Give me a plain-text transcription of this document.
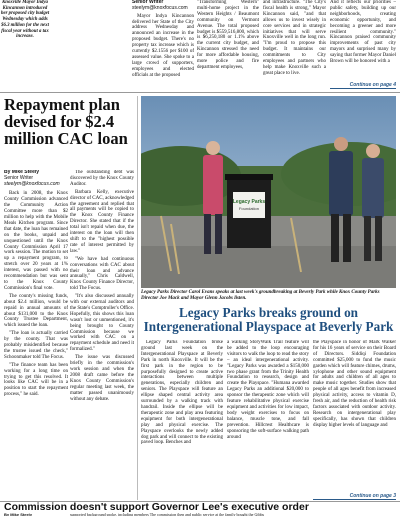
Knoxville Mayor Indya Kincannon introduced her proposed city budget Wednesday which adds $6.3 million for the next fiscal year without a tax increase.
Senior Writer
steelym@knoxfocus.com

Mayor Indya Kincannon delivered her State of the City address Wednesday and announced an increase in the proposed budget. There's no property tax increase which is currently $2.1556 per $100 of assessed value. She spoke to a large crowd of supporters, employees and elected officials at the proposed

"Transforming Western" multi-home project in the Western Heights / Beaumont community on Vermont Avenue. The total proposed budget is $559,516,800, which is $6,250,180 or 1.1% above the current city budget, and Kincannon stressed the need for more affordable housing, more police and fire department employees,

and infrastructure. "The City's fiscal health is strong," Mayor Kincannon said, "and that allows us to invest wisely in core services and in strategic initiatives that will serve Knoxville well in the long run. "I'm proud to propose this budget. It maintains our commitments to City employees and partners who help make Knoxville such a great place to live.

And it reflects our priorities – public safety, building up our neighborhoods, creating economic opportunity, and becoming a greener and more resilient community." Kincannon praised community improvements of past city mayors and surprised many by saying that former Mayor Daniel Brown will be honored with a

Continue on page 4
Repayment plan devised for $2.4 million CAC loan
By Mike Steely
Senior Writer
steelym@knoxfocus.com

Back in 2008, the Knox County Commission advanced the Community Action Committee more than $2 million to help with the Mobile Meals Kitchen program. Since that date, the loan has remained on the books, unpaid and unquestioned until the Knox County Commission April 17 work session. The motion to set up a repayment program, to stretch over 20 years at 1% interest, was passed with no recommendation but was sent to the Knox County Commission's final vote.

The county's missing funds, about $2.4 million, would be repaid in annual amounts of about $131,000 to the Knox County Trustee Department, which issued the loan.

"The loan is actually carried by the county. That was probably misidentified because the trustee issued the check," Schoonmaker told The Focus.

"The finance team has been working for a long time on trying to get this resolved. It looks like CAC will be in a position to start the repayment process," he said.

The outstanding debt was discovered by the Knox County Auditor.

Barbara Kelly, executive director of CAC, acknowledged the agreement and replied that all payments will be copied to the Knox County Finance Director. She stated that if the total isn't repaid when due, the interest on the loan will then shift to the "highest possible rate of interest permitted by law."

"We have had continuous conversations with CAC about their loan and advance annually," Chris Caldwell, Knox County Finance Director, told The Focus.

"It's also discussed annually with our external auditors and the State's Comptroller's Office. Hopefully, this shows this loan wasn't lost or unmentioned, it's being brought to County Commission because we worked with CAC on a repayment schedule and need it formalized."

The issue was discussed briefly in the commission's work session and when the 2008 draft came before the Knox County Commission's regular meeting last week, the matter passed unanimously without any debate.

Legacy Parks
Foundation
Legacy Parks Director Carol Evans speaks at last week's groundbreaking at Beverly Park while Knox County Parks Director Joe Mack and Mayor Glenn Jacobs listen.
Legacy Parks breaks ground on Intergenerational Playspace at Beverly Park

Legacy Parks Foundation broke ground last week on the Intergenerational Playspace at Beverly Park in north Knoxville. It will be the first park in the region to be purposefully designed to create active interactions between multiple generations, especially children and seniors. The Playspace will feature an ellipse shaped central activity area surrounded by a walking track with handrail. Inside the ellipse will be therapeutic zone and play area featuring equipment for both intergenerational play and physical exercise. The Playspace overlooks the newly added dog park and will connect to the existing paved loop. Benches and

a walking StoryWalk Trail feature will be added to the loop encouraging visitors to walk the loop to read the story – an ideal intergenerational activity. "Legacy Parks was awarded a $150,000 two phase grant from the Trinity Health Foundation to research, design and create the Playspace. "Humana awarded Legacy Parks an additional $20,000 to sponsor the therapeutic zone which will feature rehabilitative physical exercise equipment and activities for low impact, body weight exercises to focus on balance, muscle tone, and fall prevention. Hillcrest Healthcare is sponsoring the soft-surface walking path around

the Playspace in honor of Mark Walker for his 16 years of service on their Board of Directors. Siddiqi Foundation committed $25,000 to fund the music garden which will feature chimes, drums, xylophone and other sound equipment for adults and children of all ages to make music together. Studies show that people of all ages benefit from increased physical activity, access to vitamin D, fresh air, and the reduction of health risk factors associated with outdoor activity. Research on intergenerational play specifically, has shown that children display higher levels of language and

Continue on page 3
Commission doesn't support Governor Lee's executive order
By Mike Steely	supported background spoke, including members The commission then and public service at the family bought the Gibbs
